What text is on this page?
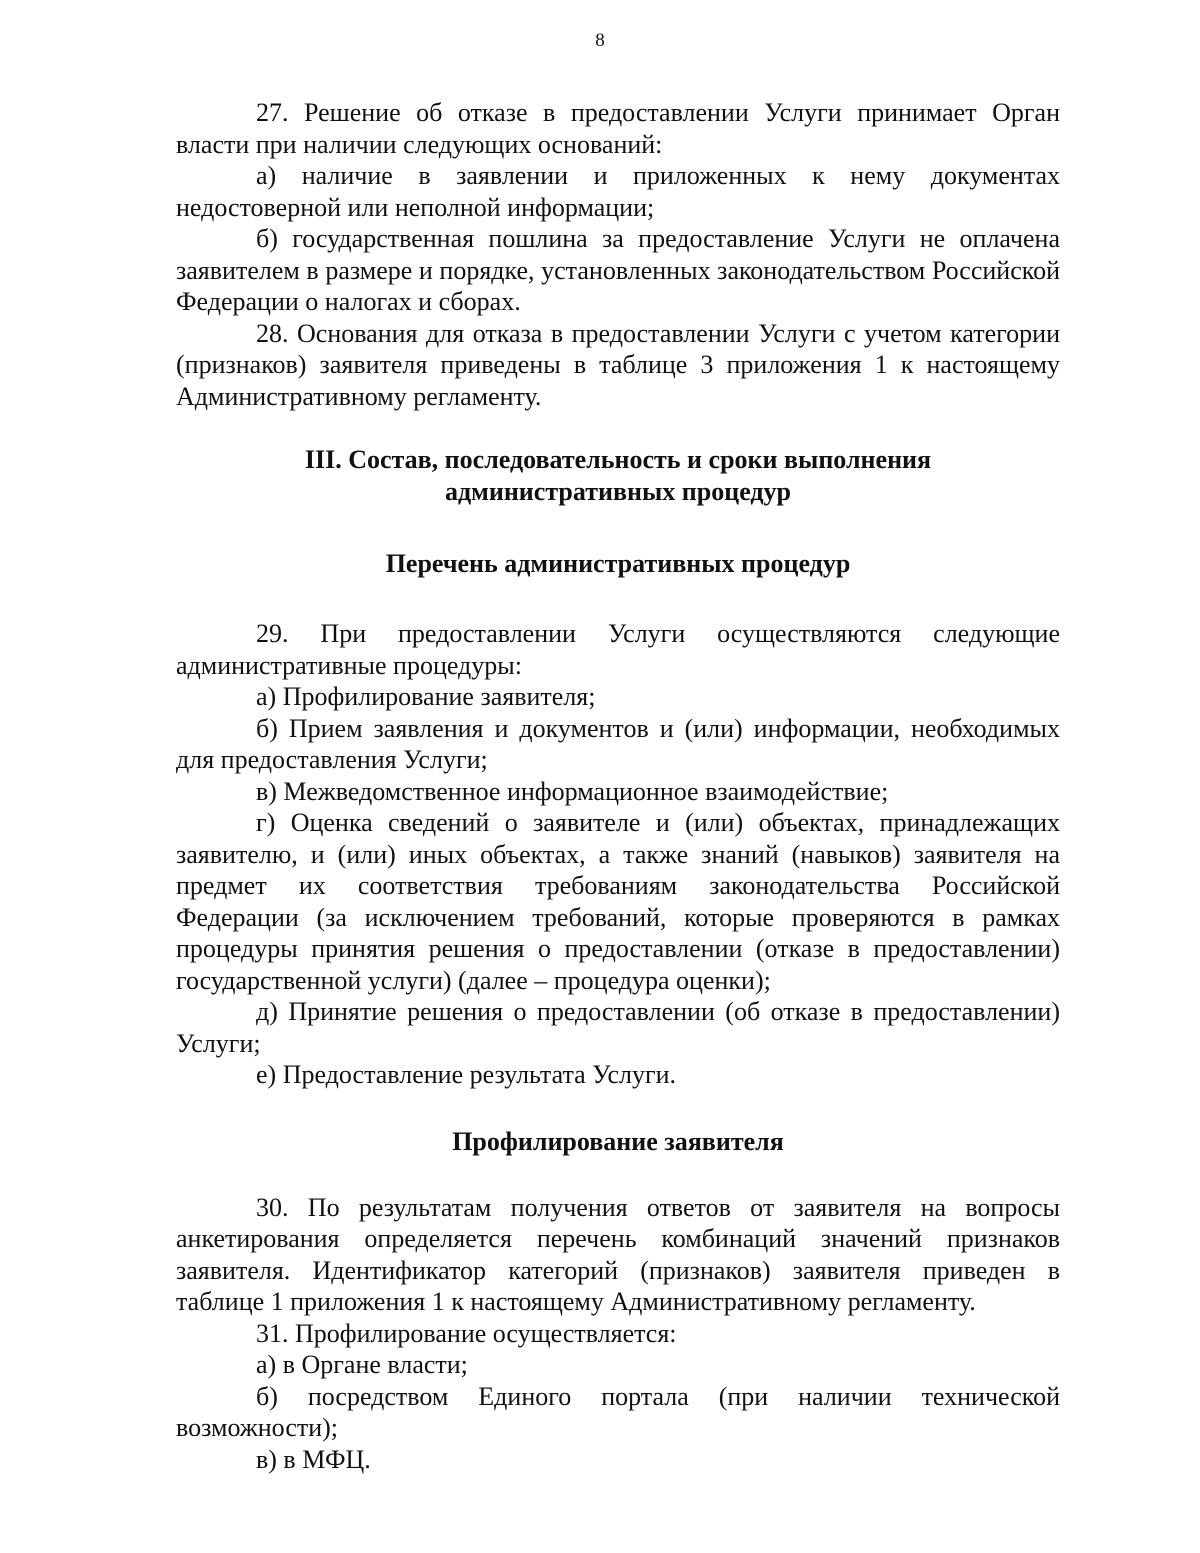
8

27. Решение об отказе в предоставлении Услуги принимает Орган власти при наличии следующих оснований:

а) наличие в заявлении и приложенных к нему документах недостоверной или неполной информации;

б) государственная пошлина за предоставление Услуги не оплачена заявителем в размере и порядке, установленных законодательством Российской Федерации о налогах и сборах.

28. Основания для отказа в предоставлении Услуги с учетом категории (признаков) заявителя приведены в таблице 3 приложения 1 к настоящему Административному регламенту.

III. Состав, последовательность и сроки выполнения
административных процедур
Перечень административных процедур

29. При предоставлении Услуги осуществляются следующие административные процедуры:

а) Профилирование заявителя;

б) Прием заявления и документов и (или) информации, необходимых для предоставления Услуги;

в) Межведомственное информационное взаимодействие;

г) Оценка сведений о заявителе и (или) объектах, принадлежащих заявителю, и (или) иных объектах, а также знаний (навыков) заявителя на предмет их соответствия требованиям законодательства Российской Федерации (за исключением требований, которые проверяются в рамках процедуры принятия решения о предоставлении (отказе в предоставлении) государственной услуги) (далее – процедура оценки);

д) Принятие решения о предоставлении (об отказе в предоставлении) Услуги;

е) Предоставление результата Услуги.

Профилирование заявителя

30. По результатам получения ответов от заявителя на вопросы анкетирования определяется перечень комбинаций значений признаков заявителя. Идентификатор категорий (признаков) заявителя приведен в таблице 1 приложения 1 к настоящему Административному регламенту.

31. Профилирование осуществляется:

а) в Органе власти;

б) посредством Единого портала (при наличии технической возможности);

в) в МФЦ.
